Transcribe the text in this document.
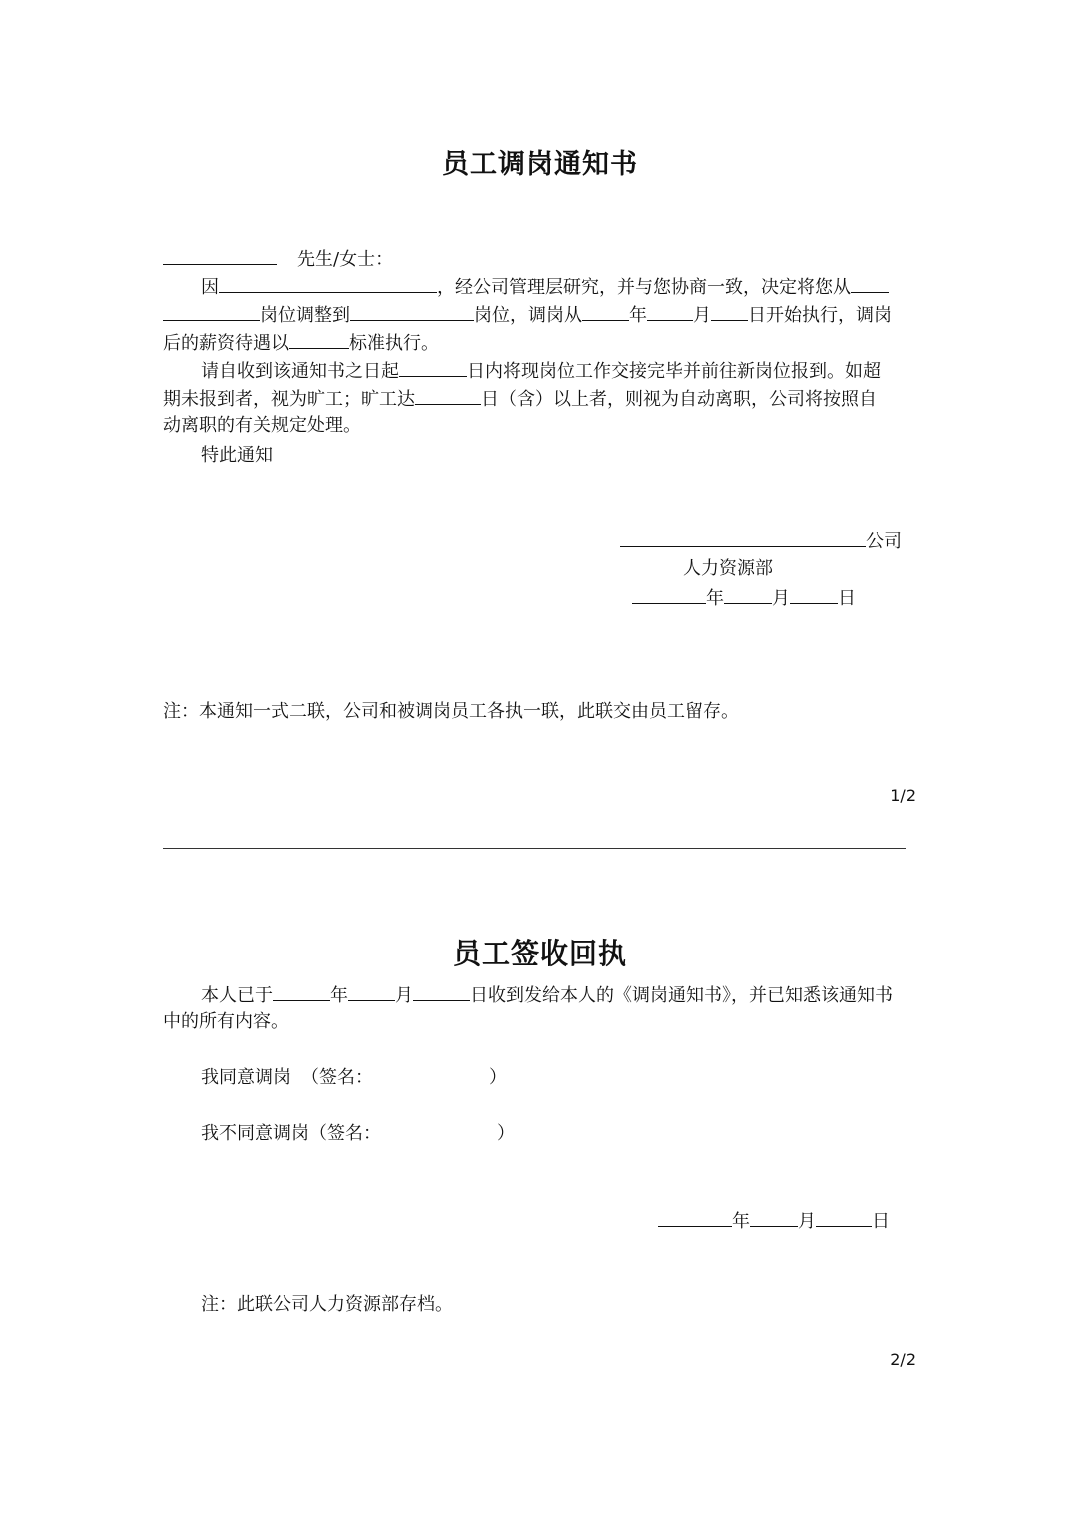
员工调岗通知书
先生/女士：
因	，经公司管理层研究，并与您协商一致，决定将您从
岗位调整到	岗位，调岗从	年	月 日开始执行，调岗
后的薪资待遇以	标准执行。
请自收到该通知书之日起	日内将现岗位工作交接完毕并前往新岗位报到。如超
期未报到者，视为旷工；旷工达	日（含）以上者，则视为自动离职，公司将按照自
动离职的有关规定处理。
特此通知
公司
人力资源部
年	月	日
注：本通知一式二联，公司和被调岗员工各执一联，此联交由员工留存。
1/2
员工签收回执
本人已于	年	月	日收到发给本人的《调岗通知书》，并已知悉该通知书
中的所有内容。
我同意调岗 （签名：	）
我不同意调岗（签名：	）
年	月	日
注：此联公司人力资源部存档。
2/2
